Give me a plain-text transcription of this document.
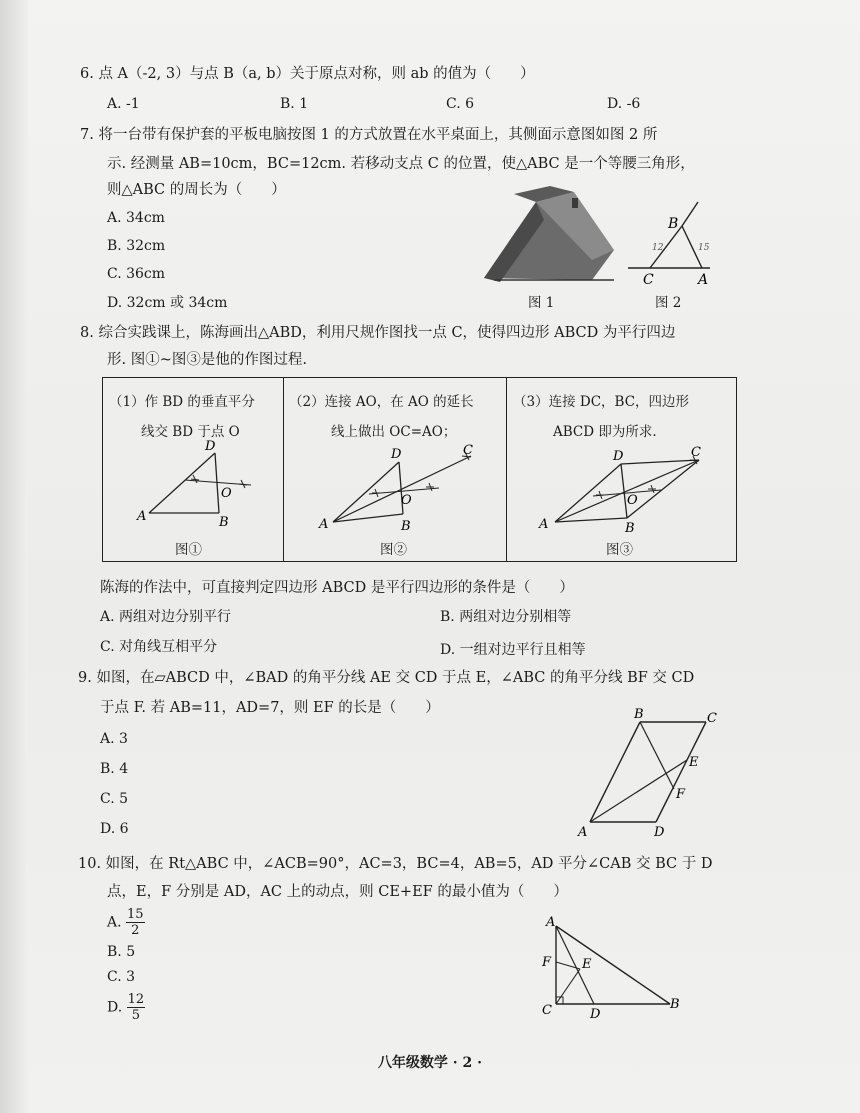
6. 点 A（-2, 3）与点 B（a, b）关于原点对称，则 ab 的值为（　　）
A. -1	B. 1	C. 6	D. -6
7. 将一台带有保护套的平板电脑按图 1 的方式放置在水平桌面上，其侧面示意图如图 2 所
示. 经测量 AB=10cm，BC=12cm. 若移动支点 C 的位置，使△ABC 是一个等腰三角形，
则△ABC 的周长为（　　）
A. 34cm
B. 32cm
C. 36cm
D. 32cm 或 34cm	图 1
B
C	A
12	15
图 2
8. 综合实践课上，陈海画出△ABD，利用尺规作图找一点 C，使得四边形 ABCD 为平行四边
形. 图①~图③是他的作图过程.
（1）作 BD 的垂直平分
线交 BD 于点 O
D
A	B
O
图①
（2）连接 AO，在 AO 的延长
线上做出 OC=AO；
D
A	B
O
C
图②
（3）连接 DC，BC，四边形
ABCD 即为所求.
D
A	B
O
C
图③
陈海的作法中，可直接判定四边形 ABCD 是平行四边形的条件是（　　）
A. 两组对边分别平行	B. 两组对边分别相等
C. 对角线互相平分	D. 一组对边平行且相等
9. 如图，在▱ABCD 中，∠BAD 的角平分线 AE 交 CD 于点 E，∠ABC 的角平分线 BF 交 CD
于点 F. 若 AB=11，AD=7，则 EF 的长是（　　）
A. 3
B. 4
C. 5
D. 6
B	C
E
F
A	D
10. 如图，在 Rt△ABC 中，∠ACB=90°，AC=3，BC=4，AB=5，AD 平分∠CAB 交 BC 于 D
点，E，F 分别是 AD，AC 上的动点，则 CE+EF 的最小值为（　　）
A. $\frac{15}{2}$
B. 5
C. 3
D. $\frac{12}{5}$
A
F E
C	D
B
八年级数学 · 2 ·
